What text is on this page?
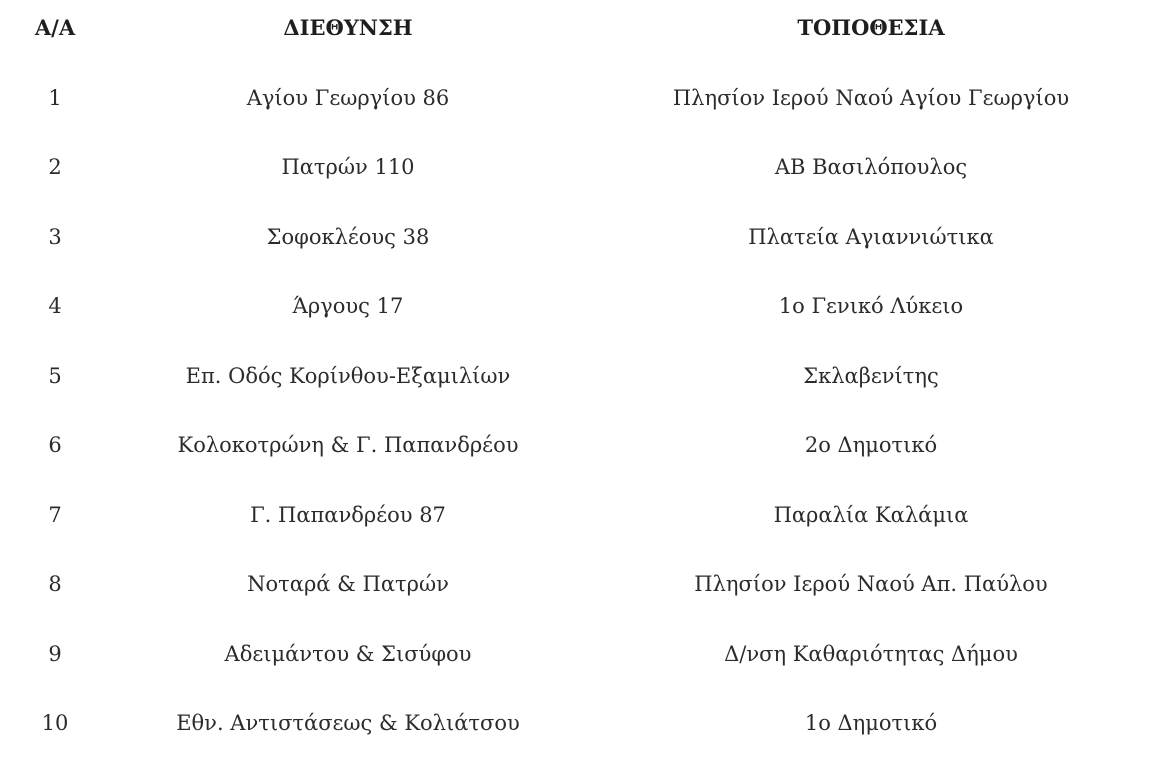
Α/Α	ΔΙΕΘΥΝΣΗ	ΤΟΠΟΘΕΣΙΑ
1	Αγίου Γεωργίου 86	Πλησίον Ιερού Ναού Αγίου Γεωργίου
2	Πατρών 110	ΑΒ Βασιλόπουλος
3	Σοφοκλέους 38	Πλατεία Αγιαννιώτικα
4	Άργους 17	1ο Γενικό Λύκειο
5	Επ. Οδός Κορίνθου-Εξαμιλίων	Σκλαβενίτης
6	Κολοκοτρώνη & Γ. Παπανδρέου	2ο Δημοτικό
7	Γ. Παπανδρέου 87	Παραλία Καλάμια
8	Νοταρά & Πατρών	Πλησίον Ιερού Ναού Απ. Παύλου
9	Αδειμάντου & Σισύφου	Δ/νση Καθαριότητας Δήμου
10	Εθν. Αντιστάσεως & Κολιάτσου	1ο Δημοτικό
